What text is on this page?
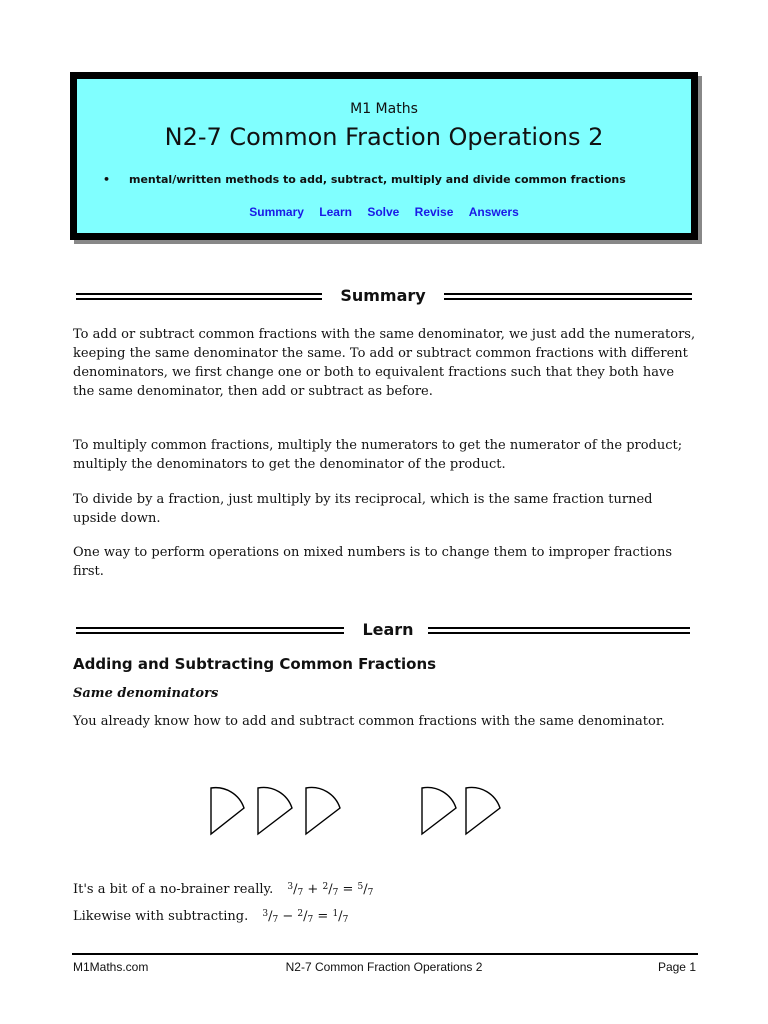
M1 Maths
N2-7 Common Fraction Operations 2
• mental/written methods to add, subtract, multiply and divide common fractions
Summary Learn Solve Revise Answers
Summary

To add or subtract common fractions with the same denominator, we just add the numerators, keeping the same denominator the same. To add or subtract common fractions with different denominators, we first change one or both to equivalent fractions such that they both have the same denominator, then add or subtract as before.

To multiply common fractions, multiply the numerators to get the numerator of the product; multiply the denominators to get the denominator of the product.

To divide by a fraction, just multiply by its reciprocal, which is the same fraction turned upside down.

One way to perform operations on mixed numbers is to change them to improper fractions first.

Learn
Adding and Subtracting Common Fractions
Same denominators

You already know how to add and subtract common fractions with the same denominator.

It's a bit of a no-brainer really. $^3/_7 + ^2/_7 = ^5/_7$
Likewise with subtracting. $^3/_7 - ^2/_7 = ^1/_7$
M1Maths.com	N2-7 Common Fraction Operations 2	Page 1
